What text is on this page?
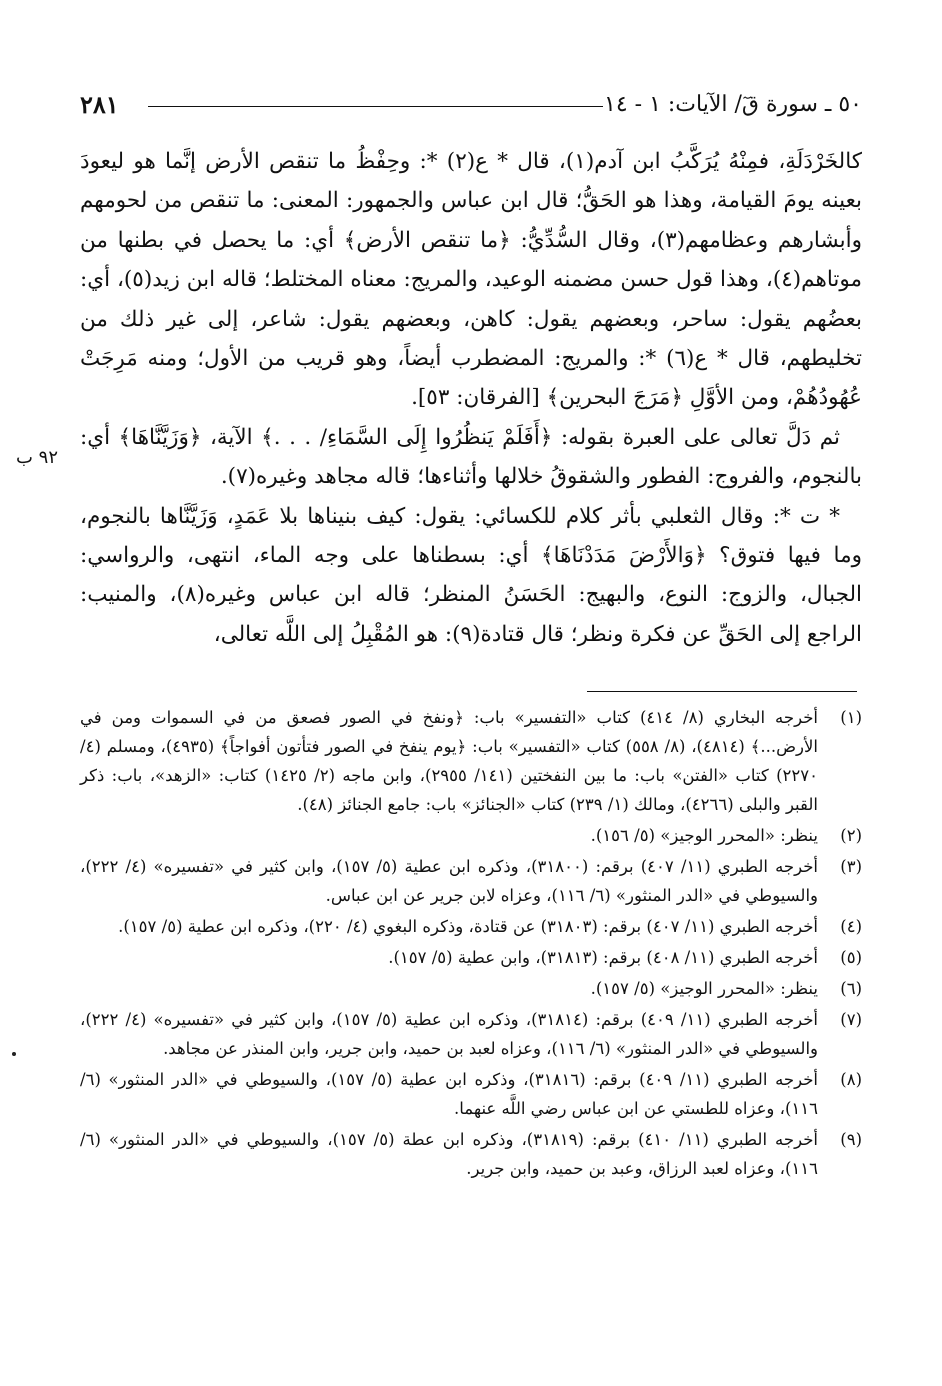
٢٨١	٥٠ ـ سورة قٓ/ الآيات: ١ - ١٤
٩٢ ب

كالخَرْدَلَةِ، فمِنْهُ يُرَكَّبُ ابن آدم(١)، قال * ع(٢) *: وحِفْظُ ما تنقص الأرض إنَّما هو ليعودَ بعينه يومَ القيامة، وهذا هو الحَقُّ؛ قال ابن عباس والجمهور: المعنى: ما تنقص من لحومهم وأبشارهم وعظامهم(٣)، وقال السُّدِّيُّ: ﴿ما تنقص الأرض﴾ أي: ما يحصل في بطنها من موتاهم(٤)، وهذا قول حسن مضمنه الوعيد، والمريج: معناه المختلط؛ قاله ابن زيد(٥)، أي: بعضُهم يقول: ساحر، وبعضهم يقول: كاهن، وبعضهم يقول: شاعر، إلى غير ذلك من تخليطهم، قال * ع(٦) *: والمريج: المضطرب أيضاً، وهو قريب من الأول؛ ومنه مَرِجَتْ عُهُودُهُمْ، ومن الأوَّلِ ﴿مَرَجَ البحرين﴾ [الفرقان: ٥٣].

ثم دَلَّ تعالى على العبرة بقوله: ﴿أَفَلَمْ يَنظُرُوا إِلَى السَّمَاءِ/ . . .﴾ الآية، ﴿وَزَيَّنَّاهَا﴾ أي: بالنجوم، والفروج: الفطور والشقوقُ خلالها وأثناءها؛ قاله مجاهد وغيره(٧).

* ت *: وقال الثعلبي بأثر كلام للكسائي: يقول: كيف بنيناها بلا عَمَدٍ، وَزَيَّنَّاها بالنجوم، وما فيها فتوق؟ ﴿وَالأَرْضَ مَدَدْنَاهَا﴾ أي: بسطناها على وجه الماء، انتهى، والرواسي: الجبال، والزوج: النوع، والبهيج: الحَسَنُ المنظر؛ قاله ابن عباس وغيره(٨)، والمنيب: الراجع إلى الحَقِّ عن فكرة ونظر؛ قال قتادة(٩): هو المُقْبِلُ إلى اللَّه تعالى،

(١)
أخرجه البخاري (٨/ ٤١٤) كتاب «التفسير» باب: ﴿ونفخ في الصور فصعق من في السموات ومن في الأرض...﴾ (٤٨١٤)، (٨/ ٥٥٨) كتاب «التفسير» باب: ﴿يوم ينفخ في الصور فتأتون أفواجاً﴾ (٤٩٣٥)، ومسلم (٤/ ٢٢٧٠) كتاب «الفتن» باب: ما بين النفختين (١٤١/ ٢٩٥٥)، وابن ماجه (٢/ ١٤٢٥) كتاب: «الزهد»، باب: ذكر القبر والبلى (٤٢٦٦)، ومالك (١/ ٢٣٩) كتاب «الجنائز» باب: جامع الجنائز (٤٨).
(٢)
ينظر: «المحرر الوجيز» (٥/ ١٥٦).
(٣)
أخرجه الطبري (١١/ ٤٠٧) برقم: (٣١٨٠٠)، وذكره ابن عطية (٥/ ١٥٧)، وابن كثير في «تفسيره» (٤/ ٢٢٢)، والسيوطي في «الدر المنثور» (٦/ ١١٦)، وعزاه لابن جرير عن ابن عباس.
(٤)
أخرجه الطبري (١١/ ٤٠٧) برقم: (٣١٨٠٣) عن قتادة، وذكره البغوي (٤/ ٢٢٠)، وذكره ابن عطية (٥/ ١٥٧).
(٥)
أخرجه الطبري (١١/ ٤٠٨) برقم: (٣١٨١٣)، وابن عطية (٥/ ١٥٧).
(٦)
ينظر: «المحرر الوجيز» (٥/ ١٥٧).
(٧)
أخرجه الطبري (١١/ ٤٠٩) برقم: (٣١٨١٤)، وذكره ابن عطية (٥/ ١٥٧)، وابن كثير في «تفسيره» (٤/ ٢٢٢)، والسيوطي في «الدر المنثور» (٦/ ١١٦)، وعزاه لعبد بن حميد، وابن جرير، وابن المنذر عن مجاهد.
(٨)
أخرجه الطبري (١١/ ٤٠٩) برقم: (٣١٨١٦)، وذكره ابن عطية (٥/ ١٥٧)، والسيوطي في «الدر المنثور» (٦/ ١١٦)، وعزاه للطستي عن ابن عباس رضي اللَّه عنهما.
(٩)
أخرجه الطبري (١١/ ٤١٠) برقم: (٣١٨١٩)، وذكره ابن عطة (٥/ ١٥٧)، والسيوطي في «الدر المنثور» (٦/ ١١٦)، وعزاه لعبد الرزاق، وعبد بن حميد، وابن جرير.
